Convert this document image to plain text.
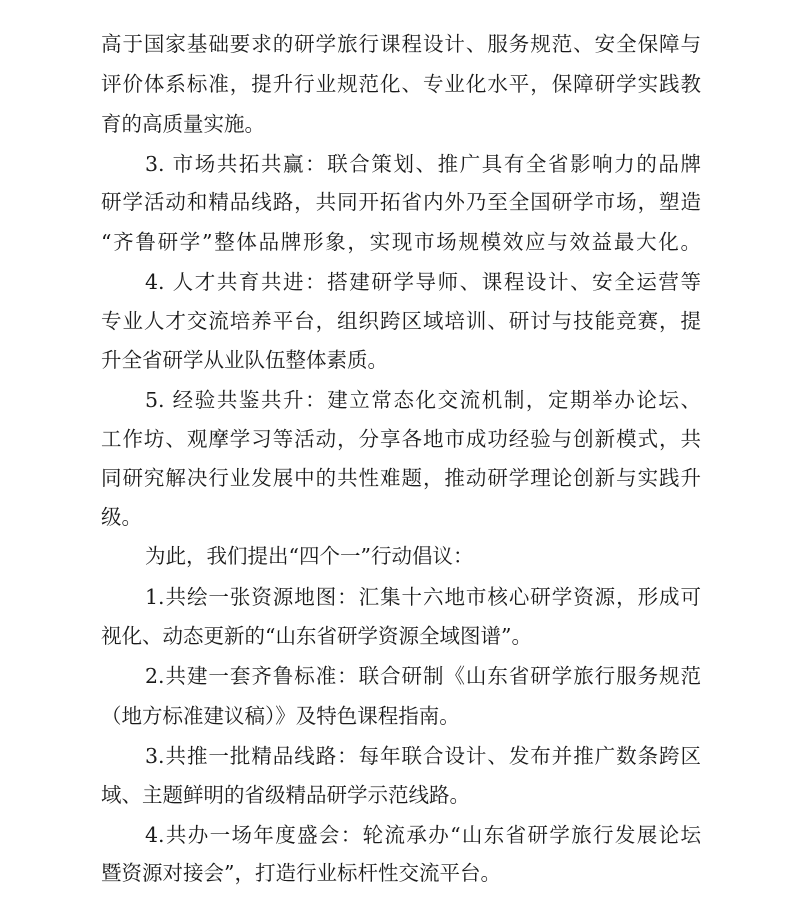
高于国家基础要求的研学旅行课程设计、服务规范、安全保障与
评价体系标准，提升行业规范化、专业化水平，保障研学实践教
育的高质量实施。
3. 市场共拓共赢：联合策划、推广具有全省影响力的品牌
研学活动和精品线路，共同开拓省内外乃至全国研学市场，塑造
“齐鲁研学”整体品牌形象，实现市场规模效应与效益最大化。
4. 人才共育共进：搭建研学导师、课程设计、安全运营等
专业人才交流培养平台，组织跨区域培训、研讨与技能竞赛，提
升全省研学从业队伍整体素质。
5. 经验共鉴共升：建立常态化交流机制，定期举办论坛、
工作坊、观摩学习等活动，分享各地市成功经验与创新模式，共
同研究解决行业发展中的共性难题，推动研学理论创新与实践升
级。
为此，我们提出“四个一”行动倡议：
1.共绘一张资源地图：汇集十六地市核心研学资源，形成可
视化、动态更新的“山东省研学资源全域图谱”。
2.共建一套齐鲁标准：联合研制《山东省研学旅行服务规范
（地方标准建议稿）》及特色课程指南。
3.共推一批精品线路：每年联合设计、发布并推广数条跨区
域、主题鲜明的省级精品研学示范线路。
4.共办一场年度盛会：轮流承办“山东省研学旅行发展论坛
暨资源对接会”，打造行业标杆性交流平台。
